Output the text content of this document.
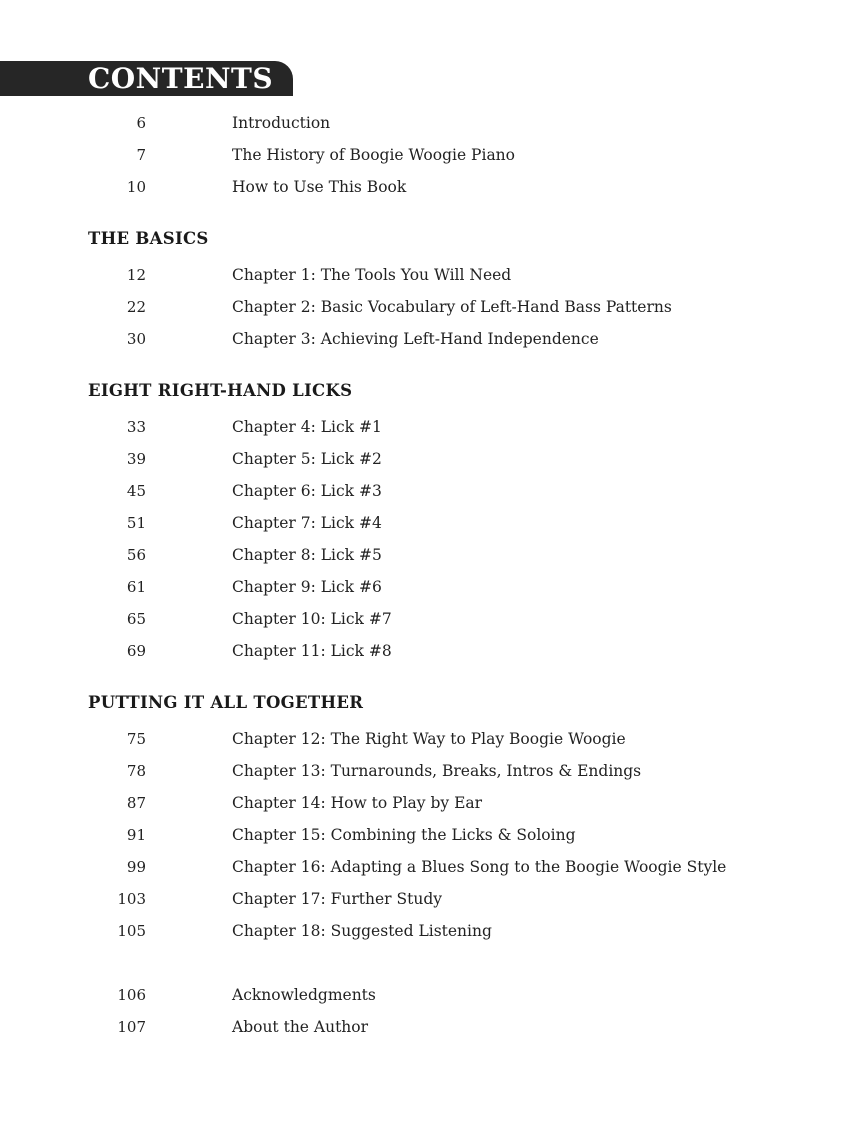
CONTENTS
6	Introduction
7	The History of Boogie Woogie Piano
10	How to Use This Book
THE BASICS
12	Chapter 1: The Tools You Will Need
22	Chapter 2: Basic Vocabulary of Left-Hand Bass Patterns
30	Chapter 3: Achieving Left-Hand Independence
EIGHT RIGHT-HAND LICKS
33	Chapter 4: Lick #1
39	Chapter 5: Lick #2
45	Chapter 6: Lick #3
51	Chapter 7: Lick #4
56	Chapter 8: Lick #5
61	Chapter 9: Lick #6
65	Chapter 10: Lick #7
69	Chapter 11: Lick #8
PUTTING IT ALL TOGETHER
75	Chapter 12: The Right Way to Play Boogie Woogie
78	Chapter 13: Turnarounds, Breaks, Intros & Endings
87	Chapter 14: How to Play by Ear
91	Chapter 15: Combining the Licks & Soloing
99	Chapter 16: Adapting a Blues Song to the Boogie Woogie Style
103	Chapter 17: Further Study
105	Chapter 18: Suggested Listening
106	Acknowledgments
107	About the Author
